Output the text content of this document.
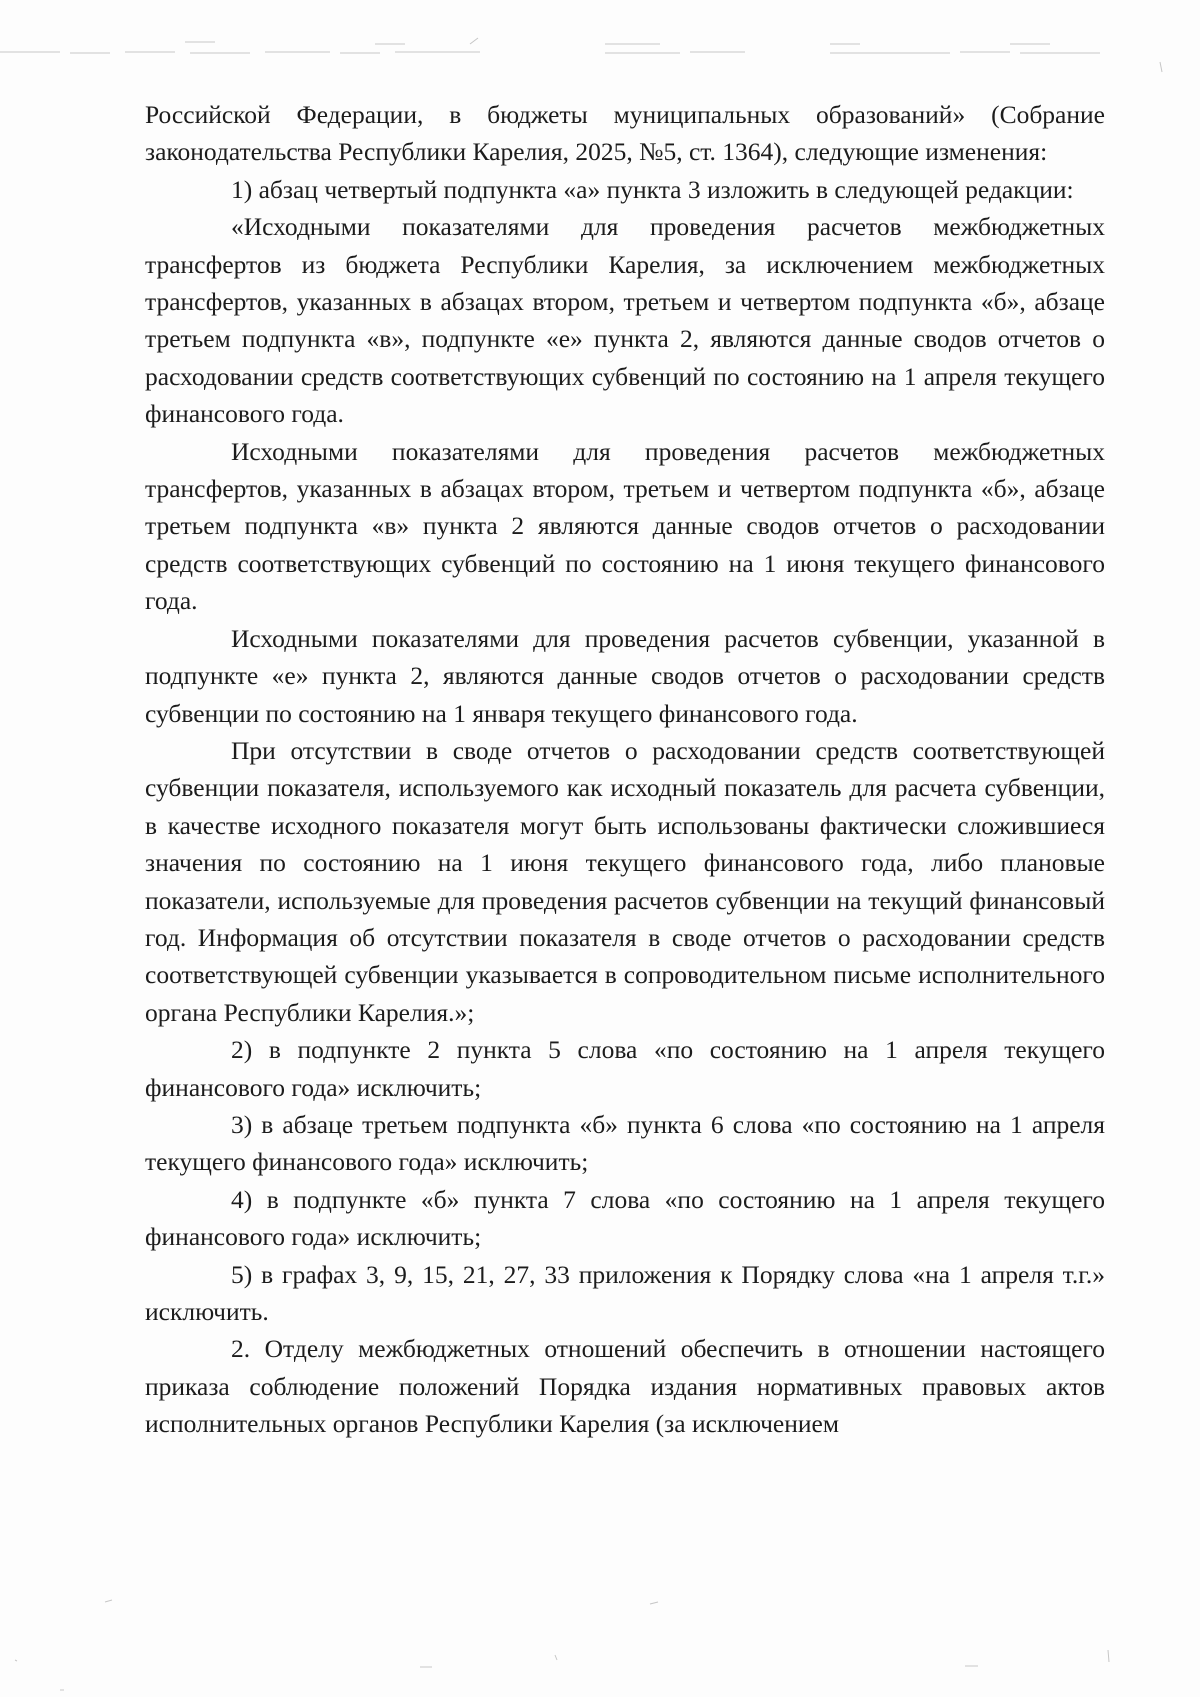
Российской Федерации, в бюджеты муниципальных образований» (Собрание законодательства Республики Карелия, 2025, №5, ст. 1364), следующие изменения:

1) абзац четвертый подпункта «а» пункта 3 изложить в следующей редакции:

«Исходными показателями для проведения расчетов межбюджетных трансфертов из бюджета Республики Карелия, за исключением межбюджетных трансфертов, указанных в абзацах втором, третьем и четвертом подпункта «б», абзаце третьем подпункта «в», подпункте «е» пункта 2, являются данные сводов отчетов о расходовании средств соответствующих субвенций по состоянию на 1 апреля текущего финансового года.

Исходными показателями для проведения расчетов межбюджетных трансфертов, указанных в абзацах втором, третьем и четвертом подпункта «б», абзаце третьем подпункта «в» пункта 2 являются данные сводов отчетов о расходовании средств соответствующих субвенций по состоянию на 1 июня текущего финансового года.

Исходными показателями для проведения расчетов субвенции, указанной в подпункте «е» пункта 2, являются данные сводов отчетов о расходовании средств субвенции по состоянию на 1 января текущего финансового года.

При отсутствии в своде отчетов о расходовании средств соответствующей субвенции показателя, используемого как исходный показатель для расчета субвенции, в качестве исходного показателя могут быть использованы фактически сложившиеся значения по состоянию на 1 июня текущего финансового года, либо плановые показатели, используемые для проведения расчетов субвенции на текущий финансовый год. Информация об отсутствии показателя в своде отчетов о расходовании средств соответствующей субвенции указывается в сопроводительном письме исполнительного органа Республики Карелия.»;

2) в подпункте 2 пункта 5 слова «по состоянию на 1 апреля текущего финансового года» исключить;

3) в абзаце третьем подпункта «б» пункта 6 слова «по состоянию на 1 апреля текущего финансового года» исключить;

4) в подпункте «б» пункта 7 слова «по состоянию на 1 апреля текущего финансового года» исключить;

5) в графах 3, 9, 15, 21, 27, 33 приложения к Порядку слова «на 1 апреля т.г.» исключить.

2. Отделу межбюджетных отношений обеспечить в отношении настоящего приказа соблюдение положений Порядка издания нормативных правовых актов исполнительных органов Республики Карелия (за исключением
